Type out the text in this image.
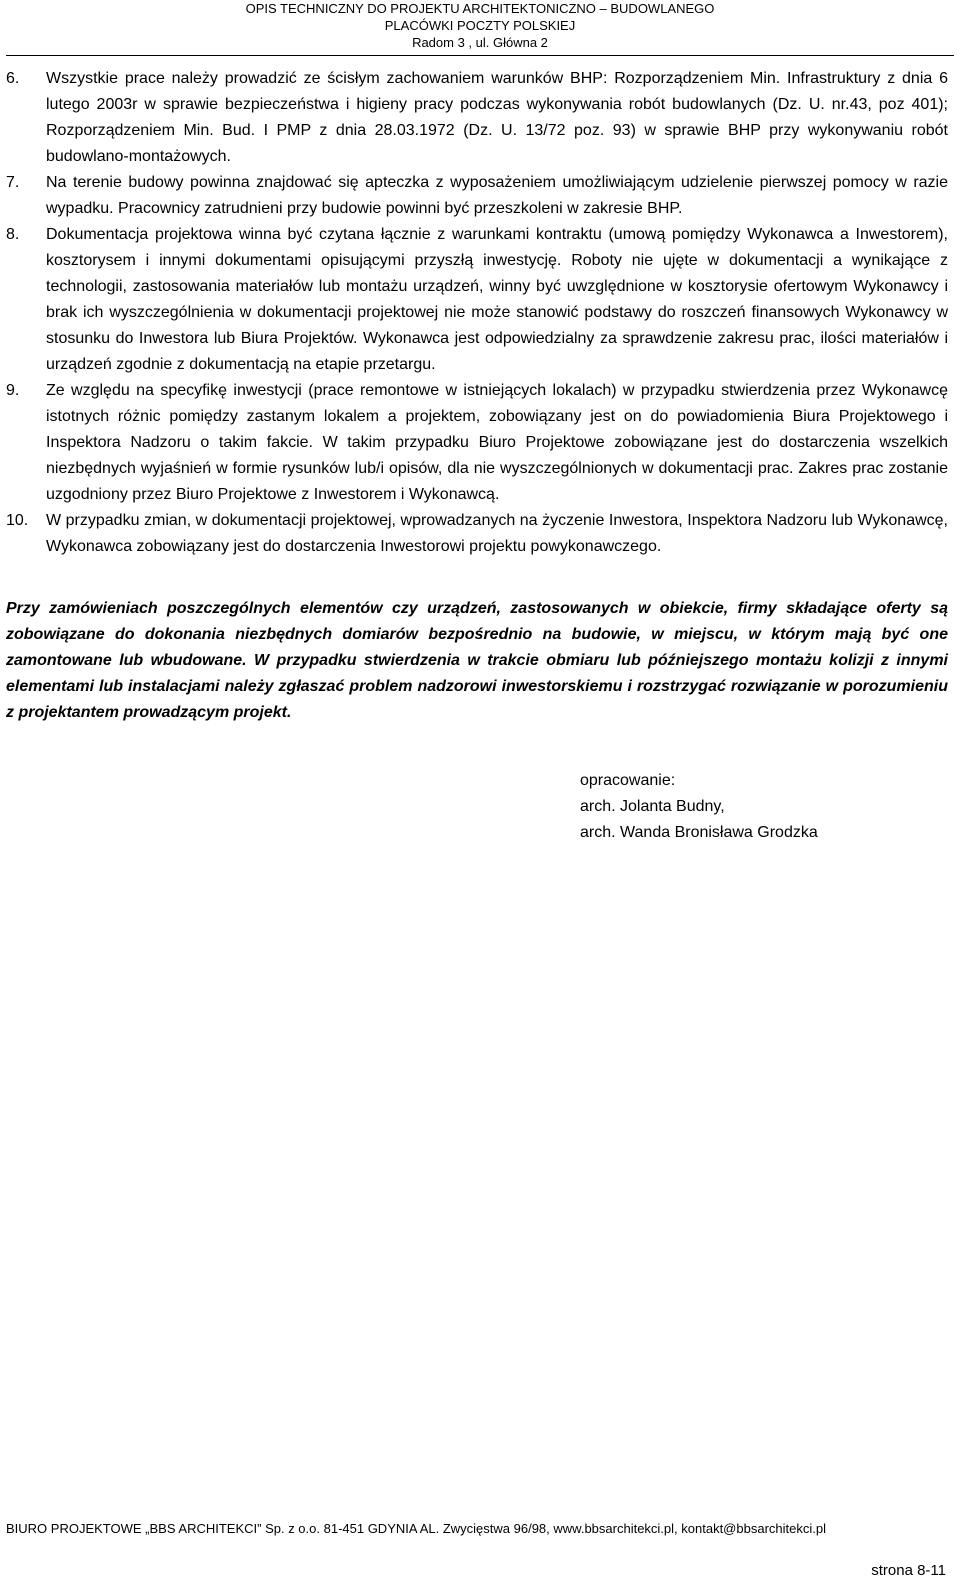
OPIS TECHNICZNY DO PROJEKTU ARCHITEKTONICZNO – BUDOWLANEGO
PLACÓWKI POCZTY POLSKIEJ
Radom 3 , ul. Główna 2
6. Wszystkie prace należy prowadzić ze ścisłym zachowaniem warunków BHP: Rozporządzeniem Min. Infrastruktury z dnia 6 lutego 2003r w sprawie bezpieczeństwa i higieny pracy podczas wykonywania robót budowlanych (Dz. U. nr.43, poz 401); Rozporządzeniem Min. Bud. I PMP z dnia 28.03.1972 (Dz. U. 13/72 poz. 93) w sprawie BHP przy wykonywaniu robót budowlano-montażowych.
7. Na terenie budowy powinna znajdować się apteczka z wyposażeniem umożliwiającym udzielenie pierwszej pomocy w razie wypadku. Pracownicy zatrudnieni przy budowie powinni być przeszkoleni w zakresie BHP.
8. Dokumentacja projektowa winna być czytana łącznie z warunkami kontraktu (umową pomiędzy Wykonawca a Inwestorem), kosztorysem i innymi dokumentami opisującymi przyszłą inwestycję. Roboty nie ujęte w dokumentacji a wynikające z technologii, zastosowania materiałów lub montażu urządzeń, winny być uwzględnione w kosztorysie ofertowym Wykonawcy i brak ich wyszczególnienia w dokumentacji projektowej nie może stanowić podstawy do roszczeń finansowych Wykonawcy w stosunku do Inwestora lub Biura Projektów. Wykonawca jest odpowiedzialny za sprawdzenie zakresu prac, ilości materiałów i urządzeń zgodnie z dokumentacją na etapie przetargu.
9. Ze względu na specyfikę inwestycji (prace remontowe w istniejących lokalach) w przypadku stwierdzenia przez Wykonawcę istotnych różnic pomiędzy zastanym lokalem a projektem, zobowiązany jest on do powiadomienia Biura Projektowego i Inspektora Nadzoru o takim fakcie. W takim przypadku Biuro Projektowe zobowiązane jest do dostarczenia wszelkich niezbędnych wyjaśnień w formie rysunków lub/i opisów, dla nie wyszczególnionych w dokumentacji prac. Zakres prac zostanie uzgodniony przez Biuro Projektowe z Inwestorem i Wykonawcą.
10. W przypadku zmian, w dokumentacji projektowej, wprowadzanych na życzenie Inwestora, Inspektora Nadzoru lub Wykonawcę, Wykonawca zobowiązany jest do dostarczenia Inwestorowi projektu powykonawczego.

Przy zamówieniach poszczególnych elementów czy urządzeń, zastosowanych w obiekcie, firmy składające oferty są zobowiązane do dokonania niezbędnych domiarów bezpośrednio na budowie, w miejscu, w którym mają być one zamontowane lub wbudowane. W przypadku stwierdzenia w trakcie obmiaru lub późniejszego montażu kolizji z innymi elementami lub instalacjami należy zgłaszać problem nadzorowi inwestorskiemu i rozstrzygać rozwiązanie w porozumieniu z projektantem prowadzącym projekt.

opracowanie:
arch. Jolanta Budny,
arch. Wanda Bronisława Grodzka
BIURO PROJEKTOWE „BBS ARCHITEKCI” Sp. z o.o. 81-451 GDYNIA AL. Zwycięstwa 96/98, www.bbsarchitekci.pl, kontakt@bbsarchitekci.pl
strona 8-11
